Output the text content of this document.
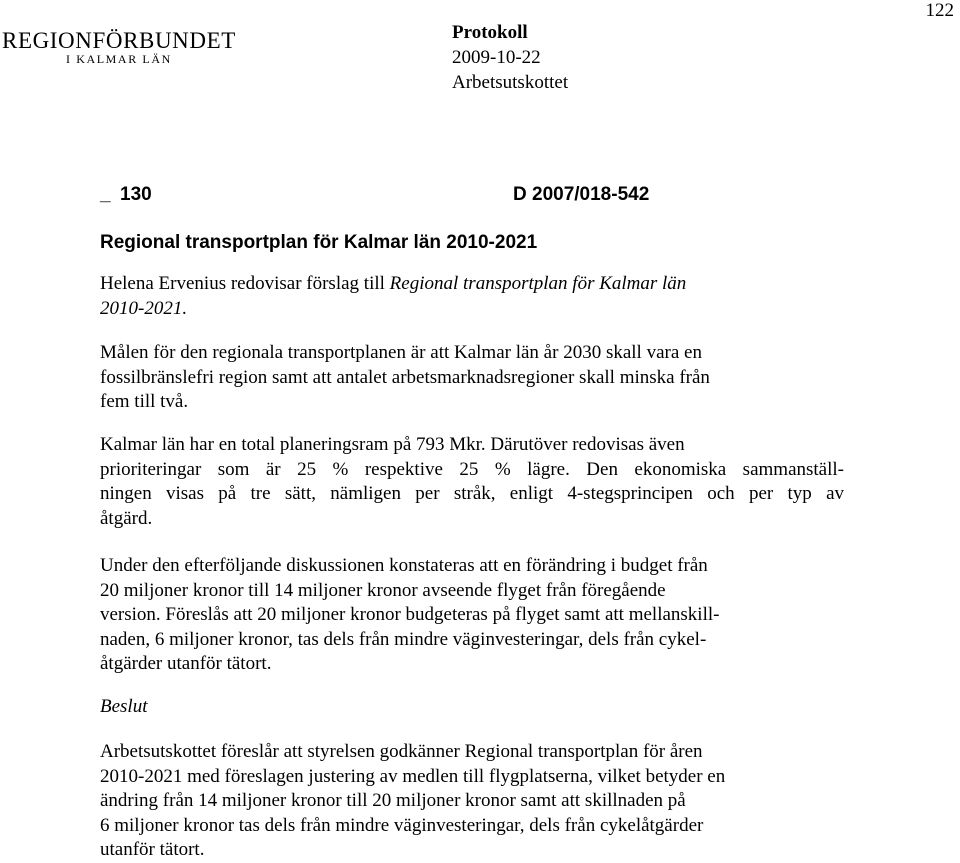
REGIONFÖRBUNDET
I KALMAR LÄN
122
Protokoll
2009-10-22
Arbetsutskottet
_ 130	D 2007/018-542
Regional transportplan för Kalmar län 2010-2021
Helena Ervenius redovisar förslag till Regional transportplan för Kalmar län
2010-2021.
Målen för den regionala transportplanen är att Kalmar län år 2030 skall vara en
fossilbränslefri region samt att antalet arbetsmarknadsregioner skall minska från
fem till två.
Kalmar län har en total planeringsram på 793 Mkr. Därutöver redovisas även
prioriteringar som är 25 % respektive 25 % lägre. Den ekonomiska sammanställ-
ningen visas på tre sätt, nämligen per stråk, enligt 4-stegsprincipen och per typ av
åtgärd.
Under den efterföljande diskussionen konstateras att en förändring i budget från
20 miljoner kronor till 14 miljoner kronor avseende flyget från föregående
version. Föreslås att 20 miljoner kronor budgeteras på flyget samt att mellanskill-
naden, 6 miljoner kronor, tas dels från mindre väginvesteringar, dels från cykel-
åtgärder utanför tätort.
Beslut
Arbetsutskottet föreslår att styrelsen godkänner Regional transportplan för åren
2010-2021 med föreslagen justering av medlen till flygplatserna, vilket betyder en
ändring från 14 miljoner kronor till 20 miljoner kronor samt att skillnaden på
6 miljoner kronor tas dels från mindre väginvesteringar, dels från cykelåtgärder
utanför tätort.
